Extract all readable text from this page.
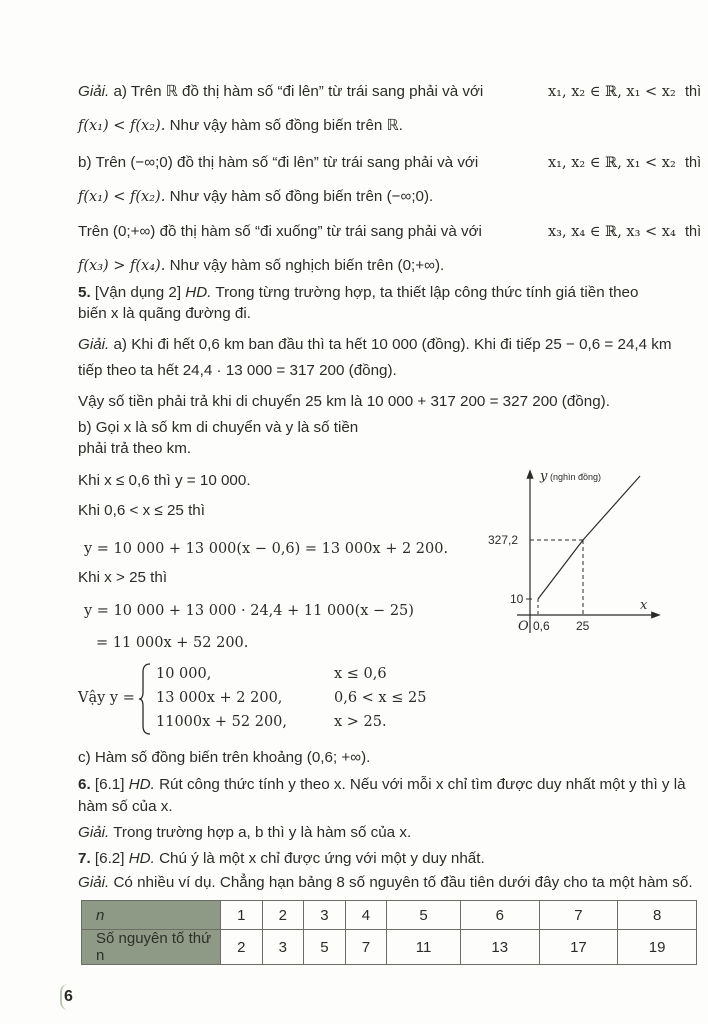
Giải. a) Trên ℝ đồ thị hàm số “đi lên” từ trái sang phải và với	x₁, x₂ ∈ ℝ, x₁ < x₂ thì
f(x₁) < f(x₂). Như vậy hàm số đồng biến trên ℝ.
b) Trên (−∞;0) đồ thị hàm số “đi lên” từ trái sang phải và với	x₁, x₂ ∈ ℝ, x₁ < x₂ thì
f(x₁) < f(x₂). Như vậy hàm số đồng biến trên (−∞;0).
Trên (0;+∞) đồ thị hàm số “đi xuống” từ trái sang phải và với	x₃, x₄ ∈ ℝ, x₃ < x₄ thì
f(x₃) > f(x₄). Như vậy hàm số nghịch biến trên (0;+∞).
5. [Vận dụng 2] HD. Trong từng trường hợp, ta thiết lập công thức tính giá tiền theo
biến x là quãng đường đi.
Giải. a) Khi đi hết 0,6 km ban đầu thì ta hết 10 000 (đồng). Khi đi tiếp 25 − 0,6 = 24,4 km
tiếp theo ta hết 24,4 · 13 000 = 317 200 (đồng).
Vậy số tiền phải trả khi di chuyển 25 km là 10 000 + 317 200 = 327 200 (đồng).
b) Gọi x là số km di chuyển và y là số tiền
phải trả theo km.
Khi x ≤ 0,6 thì y = 10 000.
Khi 0,6 < x ≤ 25 thì
y = 10 000 + 13 000(x − 0,6) = 13 000x + 2 200.
Khi x > 25 thì
y = 10 000 + 13 000 · 24,4 + 11 000(x − 25)
= 11 000x + 52 200.
Vậy y =
10 000,
13 000x + 2 200,
11000x + 52 200,
x ≤ 0,6
0,6 < x ≤ 25
x > 25.
c) Hàm số đồng biến trên khoảng (0,6; +∞).
y (nghìn đồng)
x
O
327,2
10
0,6 25
6. [6.1] HD. Rút công thức tính y theo x. Nếu với mỗi x chỉ tìm được duy nhất một y thì y là
hàm số của x.
Giải. Trong trường hợp a, b thì y là hàm số của x.
7. [6.2] HD. Chú ý là một x chỉ được ứng với một y duy nhất.
Giải. Có nhiều ví dụ. Chẳng hạn bảng 8 số nguyên tố đầu tiên dưới đây cho ta một hàm số.
n	1	2	3	4	5	6	7	8
Số nguyên tố thứ n	2	3	5	7	11	13	17	19
6
